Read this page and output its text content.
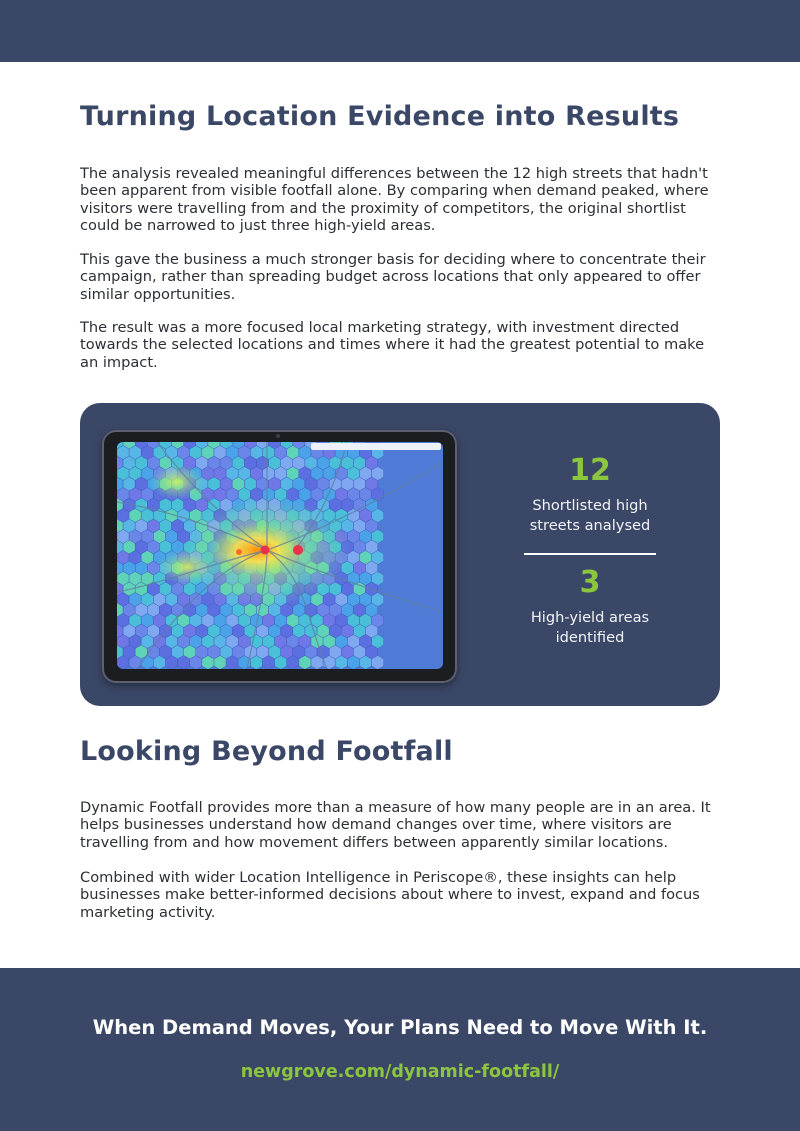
Turning Location Evidence into Results

The analysis revealed meaningful differences between the 12 high streets that hadn't been apparent from visible footfall alone. By comparing when demand peaked, where visitors were travelling from and the proximity of competitors, the original shortlist could be narrowed to just three high-yield areas.

This gave the business a much stronger basis for deciding where to concentrate their campaign, rather than spreading budget across locations that only appeared to offer similar opportunities.

The result was a more focused local marketing strategy, with investment directed towards the selected locations and times where it had the greatest potential to make an impact.

12
Shortlisted high streets analysed
3
High-yield areas identified
Looking Beyond Footfall

Dynamic Footfall provides more than a measure of how many people are in an area. It helps businesses understand how demand changes over time, where visitors are travelling from and how movement differs between apparently similar locations.

Combined with wider Location Intelligence in Periscope®, these insights can help businesses make better-informed decisions about where to invest, expand and focus marketing activity.

When Demand Moves, Your Plans Need to Move With It.
newgrove.com/dynamic-footfall/
